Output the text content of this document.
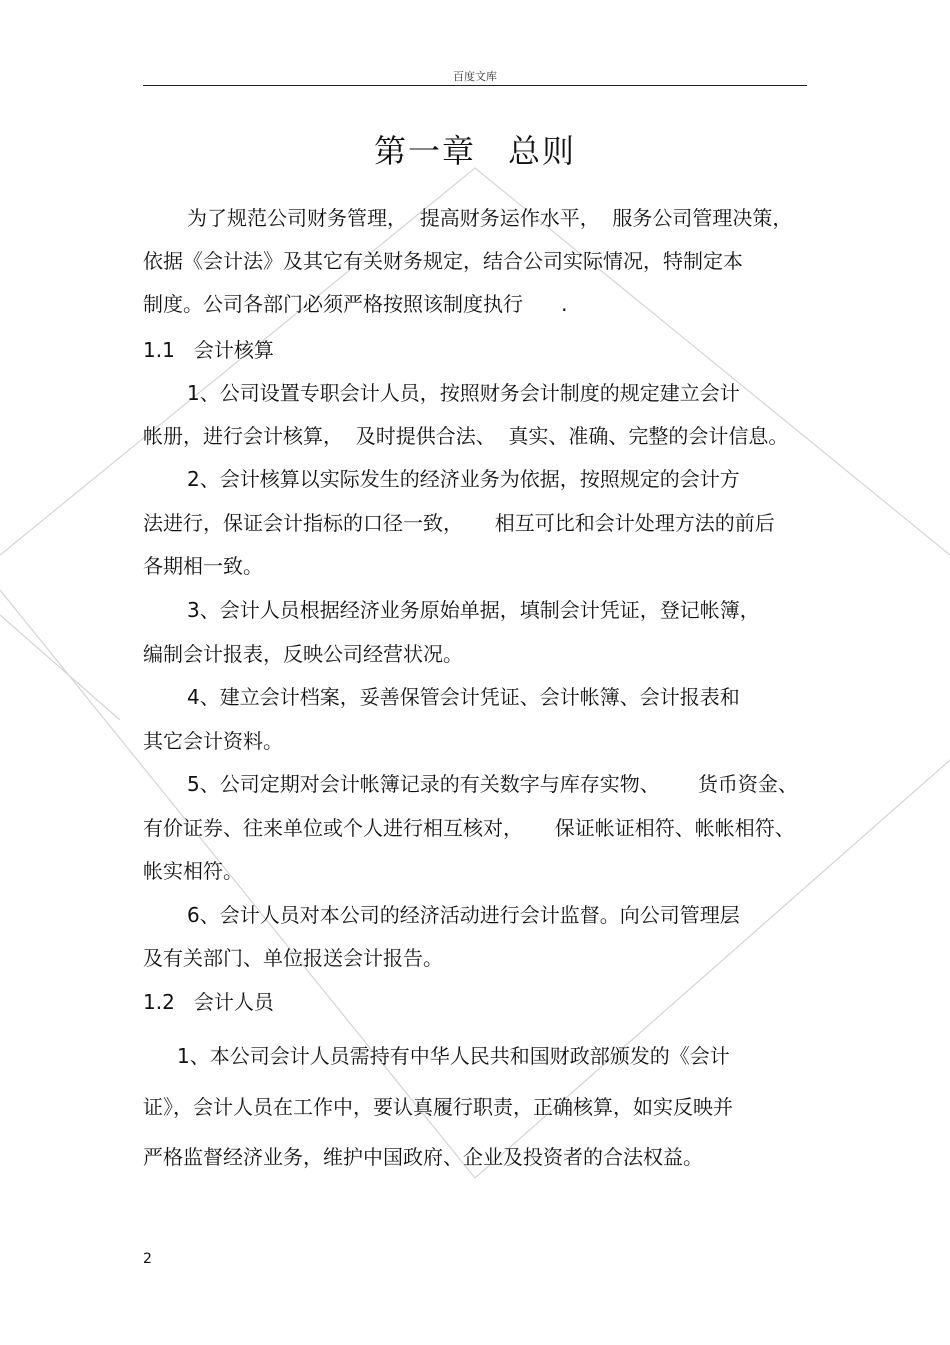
百度文库
第一章 总则
为了规范公司财务管理，  提高财务运作水平，  服务公司管理决策，
依据《会计法》及其它有关财务规定，结合公司实际情况，特制定本
制度。公司各部门必须严格按照该制度执行      .
1.1   会计核算
1、公司设置专职会计人员，按照财务会计制度的规定建立会计
帐册，进行会计核算，  及时提供合法、  真实、准确、完整的会计信息。
2、会计核算以实际发生的经济业务为依据，按照规定的会计方
法进行，保证会计指标的口径一致，     相互可比和会计处理方法的前后
各期相一致。
3、会计人员根据经济业务原始单据，填制会计凭证，登记帐簿，
编制会计报表，反映公司经营状况。
4、建立会计档案，妥善保管会计凭证、会计帐簿、会计报表和
其它会计资料。
5、公司定期对会计帐簿记录的有关数字与库存实物、      货币资金、
有价证券、往来单位或个人进行相互核对，     保证帐证相符、帐帐相符、
帐实相符。
6、会计人员对本公司的经济活动进行会计监督。向公司管理层
及有关部门、单位报送会计报告。
1.2   会计人员
1、本公司会计人员需持有中华人民共和国财政部颁发的《会计
证》，会计人员在工作中，要认真履行职责，正确核算，如实反映并
严格监督经济业务，维护中国政府、企业及投资者的合法权益。
2
